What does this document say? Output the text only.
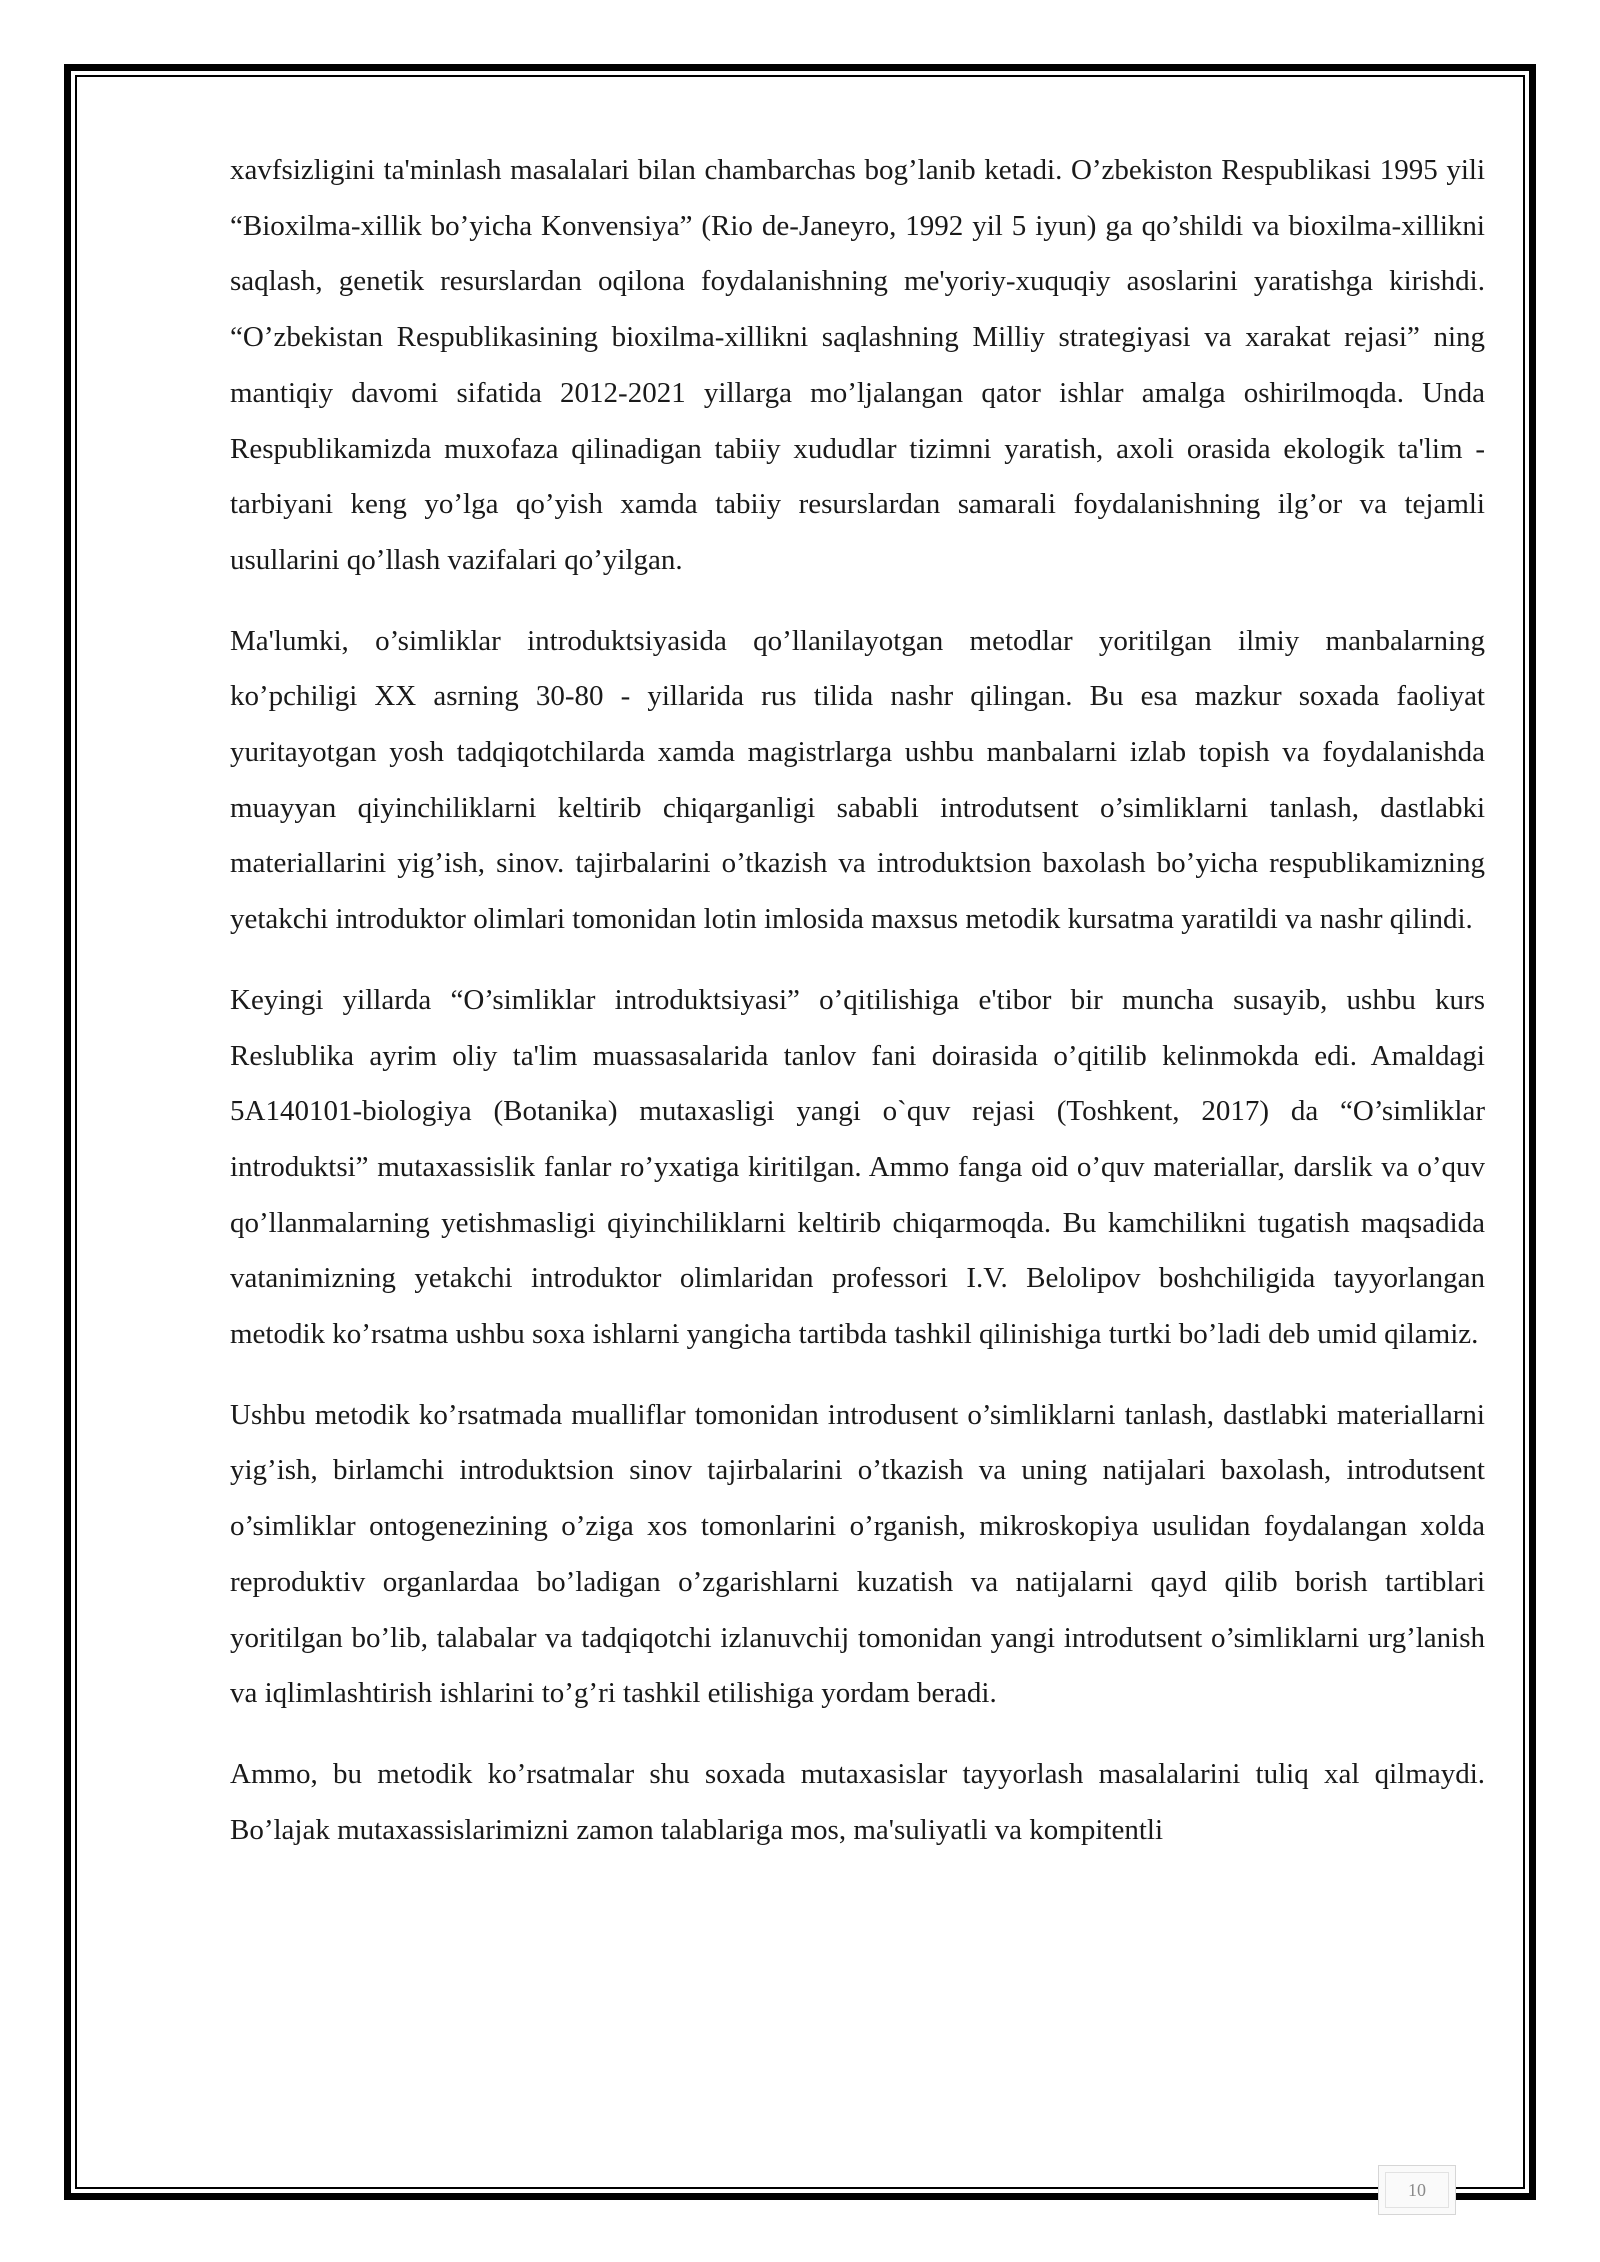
xavfsizligini ta'minlash masalalari bilan chambarchas bog’lanib ketadi. O’zbekiston Respublikasi 1995 yili “Bioxilma-xillik bo’yicha Konvensiya” (Rio de-Janeyro, 1992 yil 5 iyun) ga qo’shildi va bioxilma-xillikni saqlash, genetik resurslardan oqilona foydalanishning me'yoriy-xuquqiy asoslarini yaratishga kirishdi. “O’zbekistan Respublikasining bioxilma-xillikni saqlashning Milliy strategiyasi va xarakat rejasi” ning mantiqiy davomi sifatida 2012-2021 yillarga mo’ljalangan qator ishlar amalga oshirilmoqda. Unda Respublikamizda muxofaza qilinadigan tabiiy xududlar tizimni yaratish, axoli orasida ekologik ta'lim - tarbiyani keng yo’lga qo’yish xamda tabiiy resurslardan samarali foydalanishning ilg’or va tejamli usullarini qo’llash vazifalari qo’yilgan.

Ma'lumki, o’simliklar introduktsiyasida qo’llanilayotgan metodlar yoritilgan ilmiy manbalarning ko’pchiligi XX asrning 30-80 - yillarida rus tilida nashr qilingan. Bu esa mazkur soxada faoliyat yuritayotgan yosh tadqiqotchilarda xamda magistrlarga ushbu manbalarni izlab topish va foydalanishda muayyan qiyinchiliklarni keltirib chiqarganligi sababli introdutsent o’simliklarni tanlash, dastlabki materiallarini yig’ish, sinov. tajirbalarini o’tkazish va introduktsion baxolash bo’yicha respublikamizning yetakchi introduktor olimlari tomonidan lotin imlosida maxsus metodik kursatma yaratildi va nashr qilindi.

Keyingi yillarda “O’simliklar introduktsiyasi” o’qitilishiga e'tibor bir muncha susayib, ushbu kurs Reslublika ayrim oliy ta'lim muassasalarida tanlov fani doirasida o’qitilib kelinmokda edi. Amaldagi 5A140101-biologiya (Botanika) mutaxasligi yangi o`quv rejasi (Toshkent, 2017) da “O’simliklar introduktsi” mutaxassislik fanlar ro’yxatiga kiritilgan. Ammo fanga oid o’quv materiallar, darslik va o’quv qo’llanmalarning yetishmasligi qiyinchiliklarni keltirib chiqarmoqda. Bu kamchilikni tugatish maqsadida vatanimizning yetakchi introduktor olimlaridan professori I.V. Belolipov boshchiligida tayyorlangan metodik ko’rsatma ushbu soxa ishlarni yangicha tartibda tashkil qilinishiga turtki bo’ladi deb umid qilamiz.

Ushbu metodik ko’rsatmada mualliflar tomonidan introdusent o’simliklarni tanlash, dastlabki materiallarni yig’ish, birlamchi introduktsion sinov tajirbalarini o’tkazish va uning natijalari baxolash, introdutsent o’simliklar ontogenezining o’ziga xos tomonlarini o’rganish, mikroskopiya usulidan foydalangan xolda reproduktiv organlardaa bo’ladigan o’zgarishlarni kuzatish va natijalarni qayd qilib borish tartiblari yoritilgan bo’lib, talabalar va tadqiqotchi izlanuvchij tomonidan yangi introdutsent o’simliklarni urg’lanish va iqlimlashtirish ishlarini to’g’ri tashkil etilishiga yordam beradi.

Ammo, bu metodik ko’rsatmalar shu soxada mutaxasislar tayyorlash masalalarini tuliq xal qilmaydi. Bo’lajak mutaxassislarimizni zamon talablariga mos, ma'suliyatli va kompitentli

10
